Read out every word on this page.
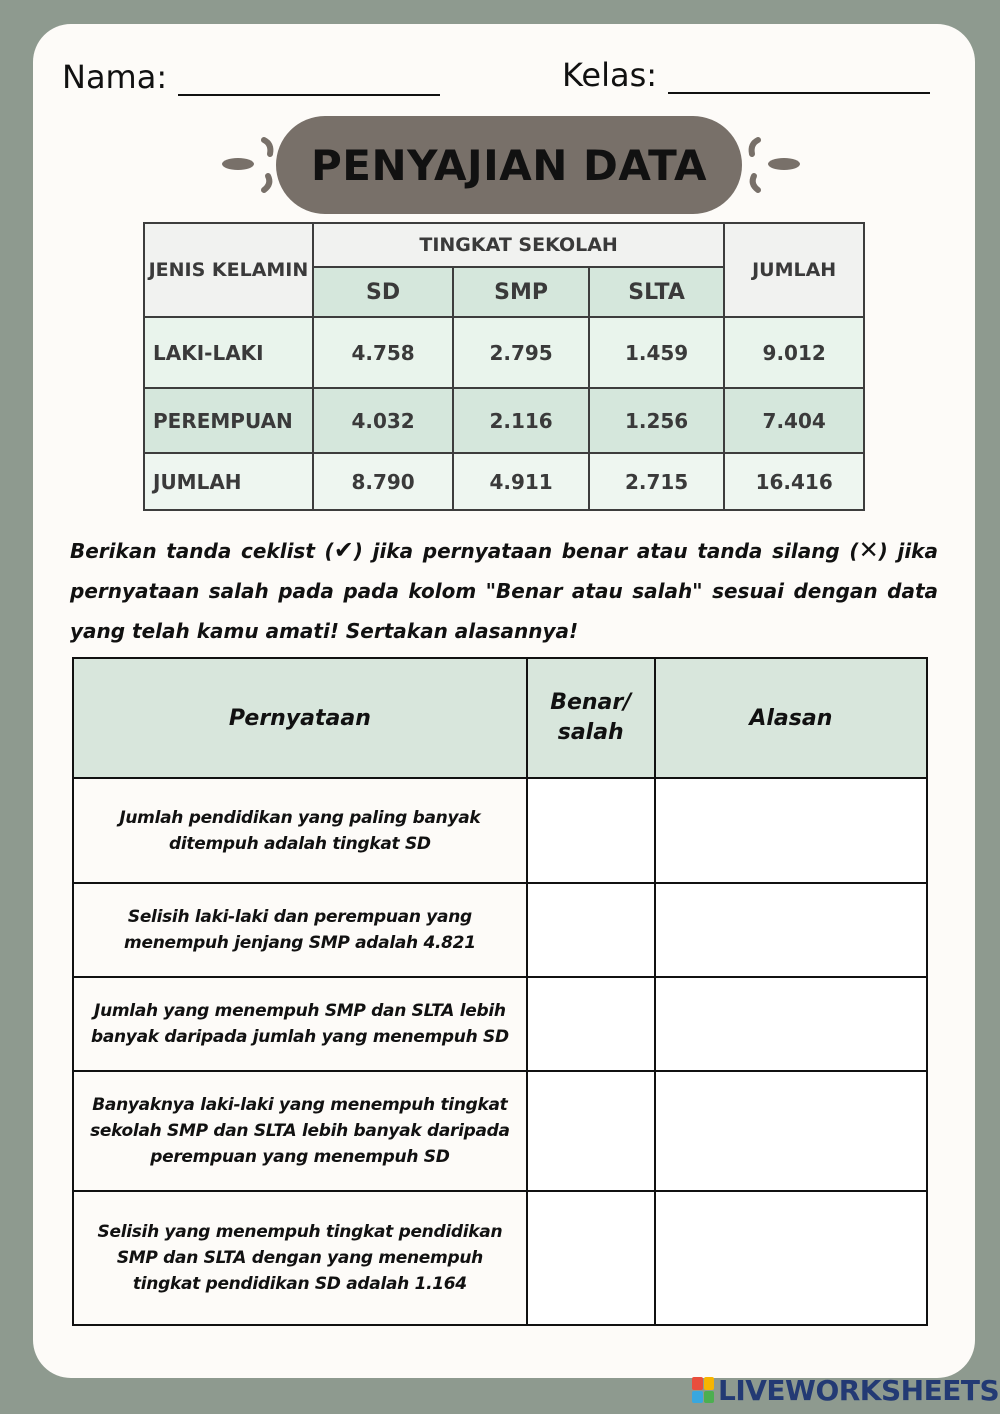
Nama:	Kelas:
PENYAJIAN DATA
JENIS KELAMIN	TINGKAT SEKOLAH			JUMLAH
	SD	SMP	SLTA	
LAKI-LAKI	4.758	2.795	1.459	9.012
PEREMPUAN	4.032	2.116	1.256	7.404
JUMLAH	8.790	4.911	2.715	16.416
Berikan tanda ceklist (✔) jika pernyataan benar atau tanda silang (✕) jika pernyataan salah pada pada kolom "Benar atau salah" sesuai dengan data yang telah kamu amati! Sertakan alasannya!
Pernyataan	Benar/ salah	Alasan
Jumlah pendidikan yang paling banyak ditempuh adalah tingkat SD		
Selisih laki-laki dan perempuan yang menempuh jenjang SMP adalah 4.821		
Jumlah yang menempuh SMP dan SLTA lebih banyak daripada jumlah yang menempuh SD		
Banyaknya laki-laki yang menempuh tingkat sekolah SMP dan SLTA lebih banyak daripada perempuan yang menempuh SD		
Selisih yang menempuh tingkat pendidikan SMP dan SLTA dengan yang menempuh tingkat pendidikan SD adalah 1.164		
LIVEWORKSHEETS
